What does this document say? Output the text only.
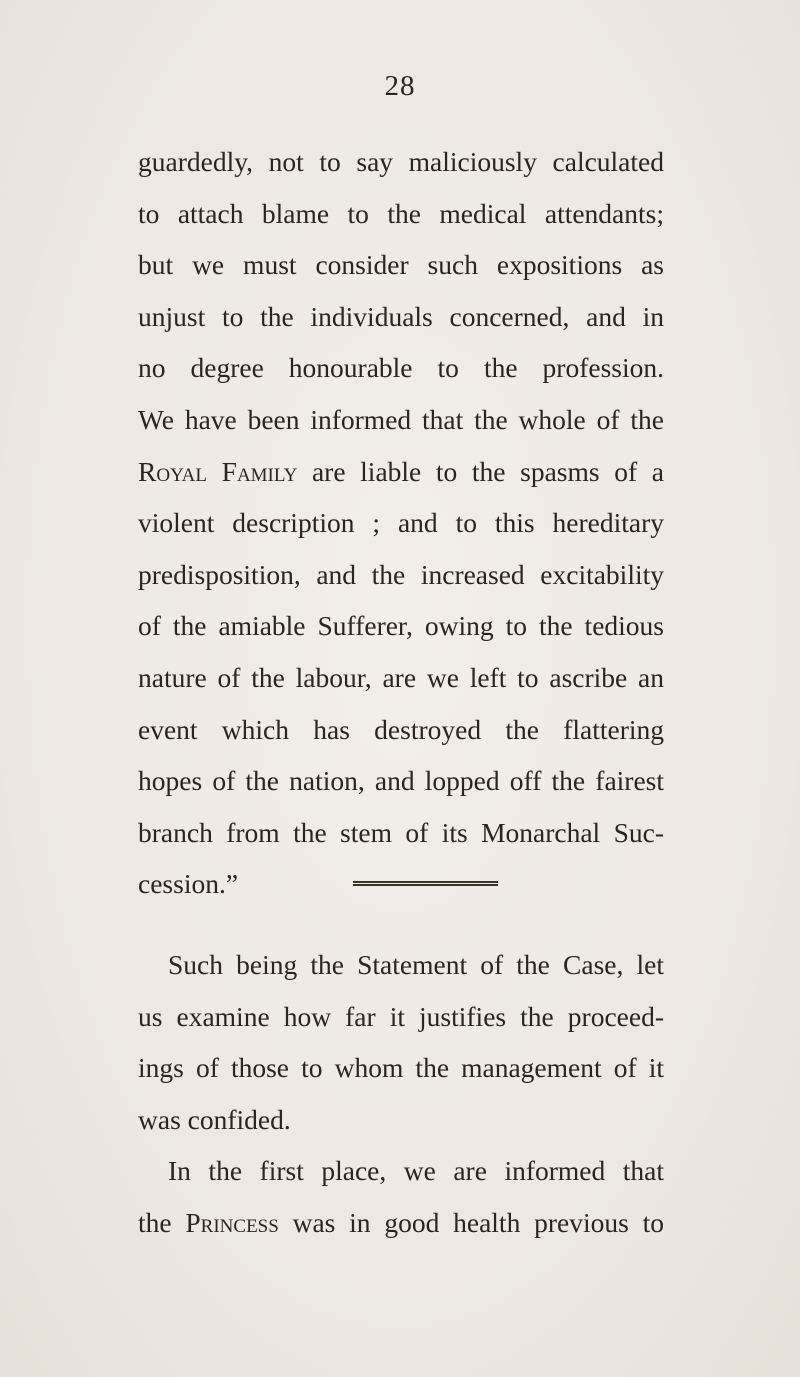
28
guardedly, not to say maliciously calculated
to attach blame to the medical attendants;
but we must consider such expositions as
unjust to the individuals concerned, and in
no degree honourable to the profession.
We have been informed that the whole of the
Royal Family are liable to the spasms of a
violent description ; and to this hereditary
predisposition, and the increased excitability
of the amiable Sufferer, owing to the tedious
nature of the labour, are we left to ascribe an
event which has destroyed the flattering
hopes of the nation, and lopped off the fairest
branch from the stem of its Monarchal Suc-
cession.”
Such being the Statement of the Case, let
us examine how far it justifies the proceed-
ings of those to whom the management of it
was confided.
In the first place, we are informed that
the Princess was in good health previous to
